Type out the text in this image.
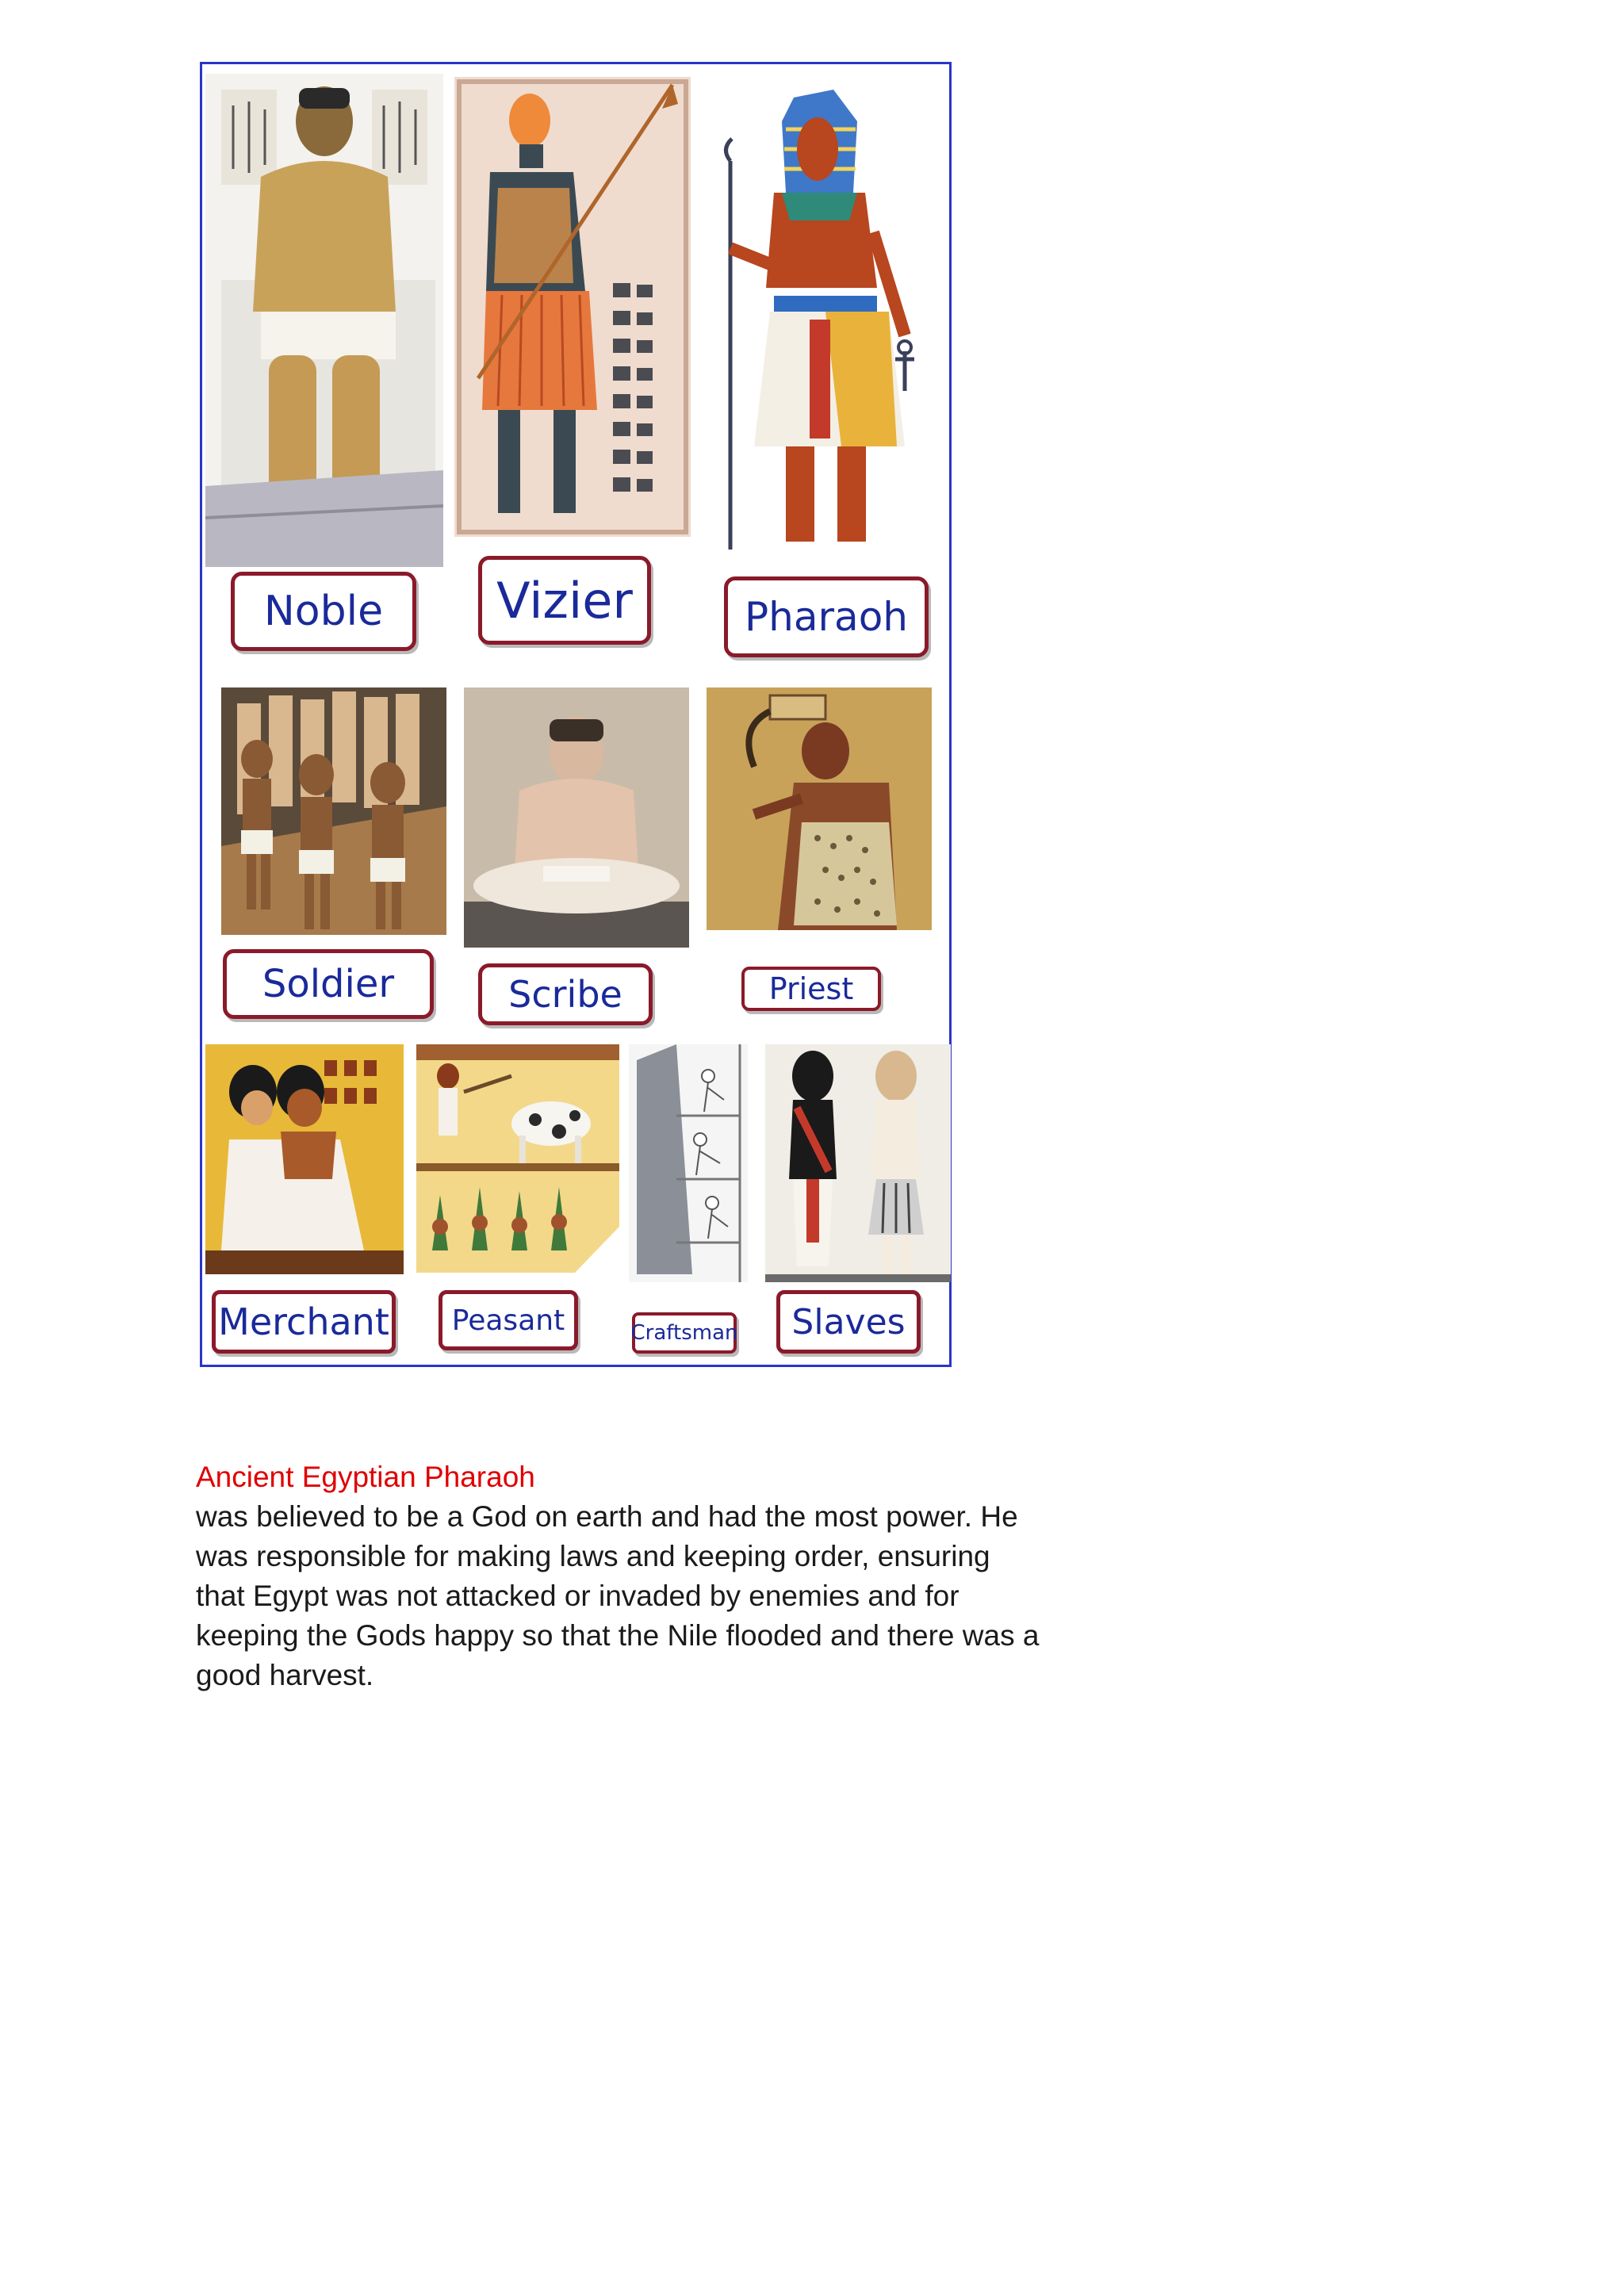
Noble	Vizier	Pharaoh
Soldier	Scribe	Priest
Merchant	Peasant	Craftsman	Slaves
Ancient Egyptian Pharaoh
was believed to be a God on earth and had the most power. He
was responsible for making laws and keeping order, ensuring
that Egypt was not attacked or invaded by enemies and for
keeping the Gods happy so that the Nile flooded and there was a
good harvest.
